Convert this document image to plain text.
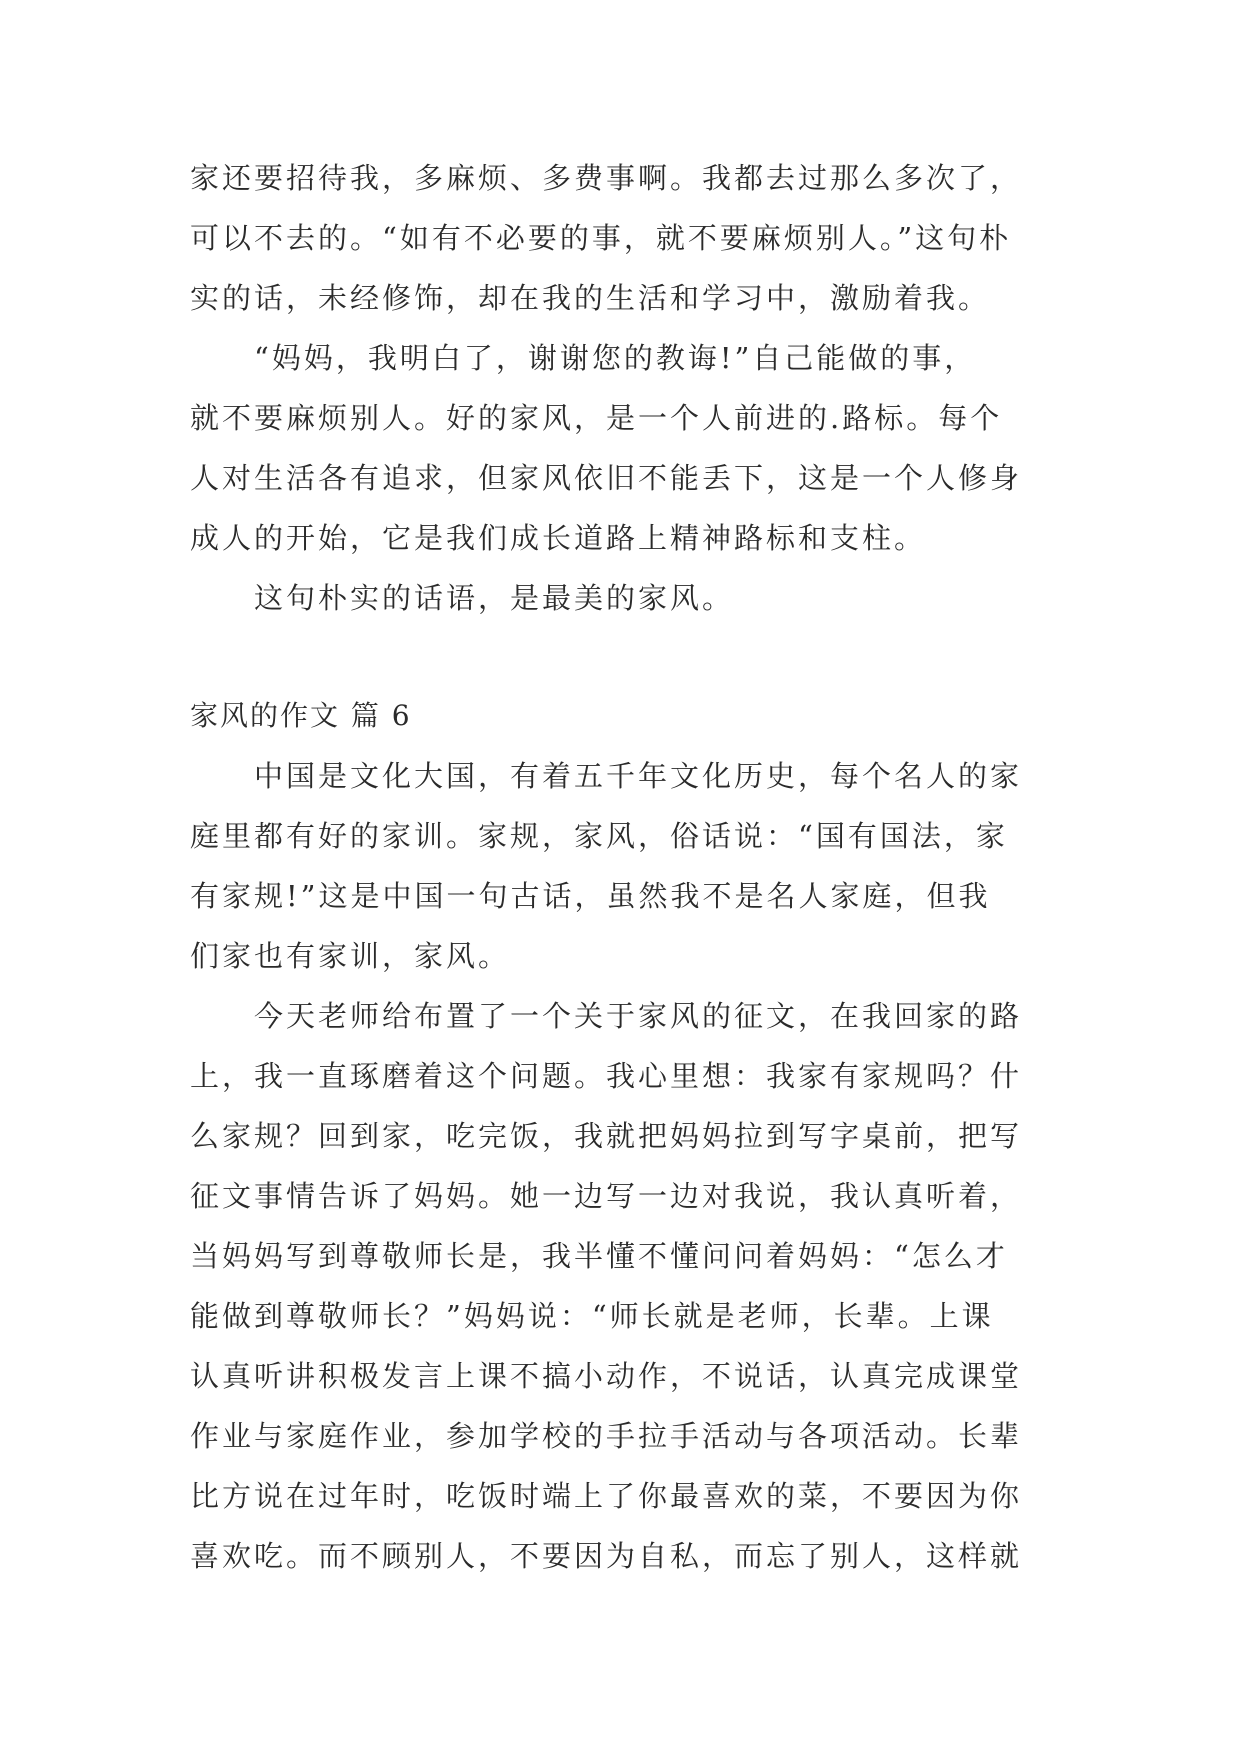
家还要招待我，多麻烦、多费事啊。我都去过那么多次了，
可以不去的。“如有不必要的事，就不要麻烦别人。”这句朴
实的话，未经修饰，却在我的生活和学习中，激励着我。
“妈妈，我明白了，谢谢您的教诲!”自己能做的事，
就不要麻烦别人。好的家风，是一个人前进的.路标。每个
人对生活各有追求，但家风依旧不能丢下，这是一个人修身
成人的开始，它是我们成长道路上精神路标和支柱。
这句朴实的话语，是最美的家风。
家风的作文 篇 6
中国是文化大国，有着五千年文化历史，每个名人的家
庭里都有好的家训。家规，家风，俗话说：“国有国法，家
有家规!”这是中国一句古话，虽然我不是名人家庭，但我
们家也有家训，家风。
今天老师给布置了一个关于家风的征文，在我回家的路
上，我一直琢磨着这个问题。我心里想：我家有家规吗？什
么家规？回到家，吃完饭，我就把妈妈拉到写字桌前，把写
征文事情告诉了妈妈。她一边写一边对我说，我认真听着，
当妈妈写到尊敬师长是，我半懂不懂问问着妈妈：“怎么才
能做到尊敬师长？”妈妈说：“师长就是老师，长辈。上课
认真听讲积极发言上课不搞小动作，不说话，认真完成课堂
作业与家庭作业，参加学校的手拉手活动与各项活动。长辈
比方说在过年时，吃饭时端上了你最喜欢的菜，不要因为你
喜欢吃。而不顾别人，不要因为自私，而忘了别人，这样就
